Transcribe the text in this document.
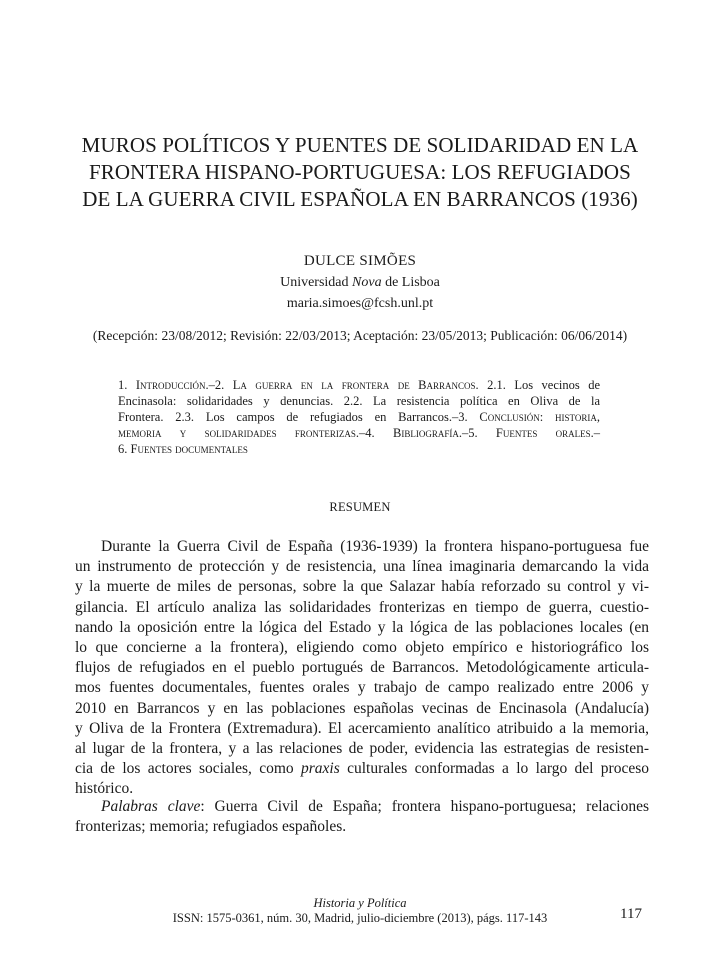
MUROS POLÍTICOS Y PUENTES DE SOLIDARIDAD EN LA
FRONTERA HISPANO-PORTUGUESA: LOS REFUGIADOS
DE LA GUERRA CIVIL ESPAÑOLA EN BARRANCOS (1936)
DULCE SIMÕES
Universidad Nova de Lisboa
maria.simoes@fcsh.unl.pt
(Recepción: 23/08/2012; Revisión: 22/03/2013; Aceptación: 23/05/2013; Publicación: 06/06/2014)
1. Introducción.–2. La guerra en la frontera de Barrancos. 2.1. Los vecinos de
Encinasola: solidaridades y denuncias. 2.2. La resistencia política en Oliva de la
Frontera. 2.3. Los campos de refugiados en Barrancos.–3. Conclusión: historia,
memoria y solidaridades fronterizas.–4. Bibliografía.–5. Fuentes orales.–
6. Fuentes documentales
RESUMEN
Durante la Guerra Civil de España (1936-1939) la frontera hispano-portuguesa fue
un instrumento de protección y de resistencia, una línea imaginaria demarcando la vida
y la muerte de miles de personas, sobre la que Salazar había reforzado su control y vi-
gilancia. El artículo analiza las solidaridades fronterizas en tiempo de guerra, cuestio-
nando la oposición entre la lógica del Estado y la lógica de las poblaciones locales (en
lo que concierne a la frontera), eligiendo como objeto empírico e historiográfico los
flujos de refugiados en el pueblo portugués de Barrancos. Metodológicamente articula-
mos fuentes documentales, fuentes orales y trabajo de campo realizado entre 2006 y
2010 en Barrancos y en las poblaciones españolas vecinas de Encinasola (Andalucía)
y Oliva de la Frontera (Extremadura). El acercamiento analítico atribuido a la memoria,
al lugar de la frontera, y a las relaciones de poder, evidencia las estrategias de resisten-
cia de los actores sociales, como praxis culturales conformadas a lo largo del proceso
histórico.
Palabras clave: Guerra Civil de España; frontera hispano-portuguesa; relaciones
fronterizas; memoria; refugiados españoles.
Historia y Política
ISSN: 1575-0361, núm. 30, Madrid, julio-diciembre (2013), págs. 117-143	117
